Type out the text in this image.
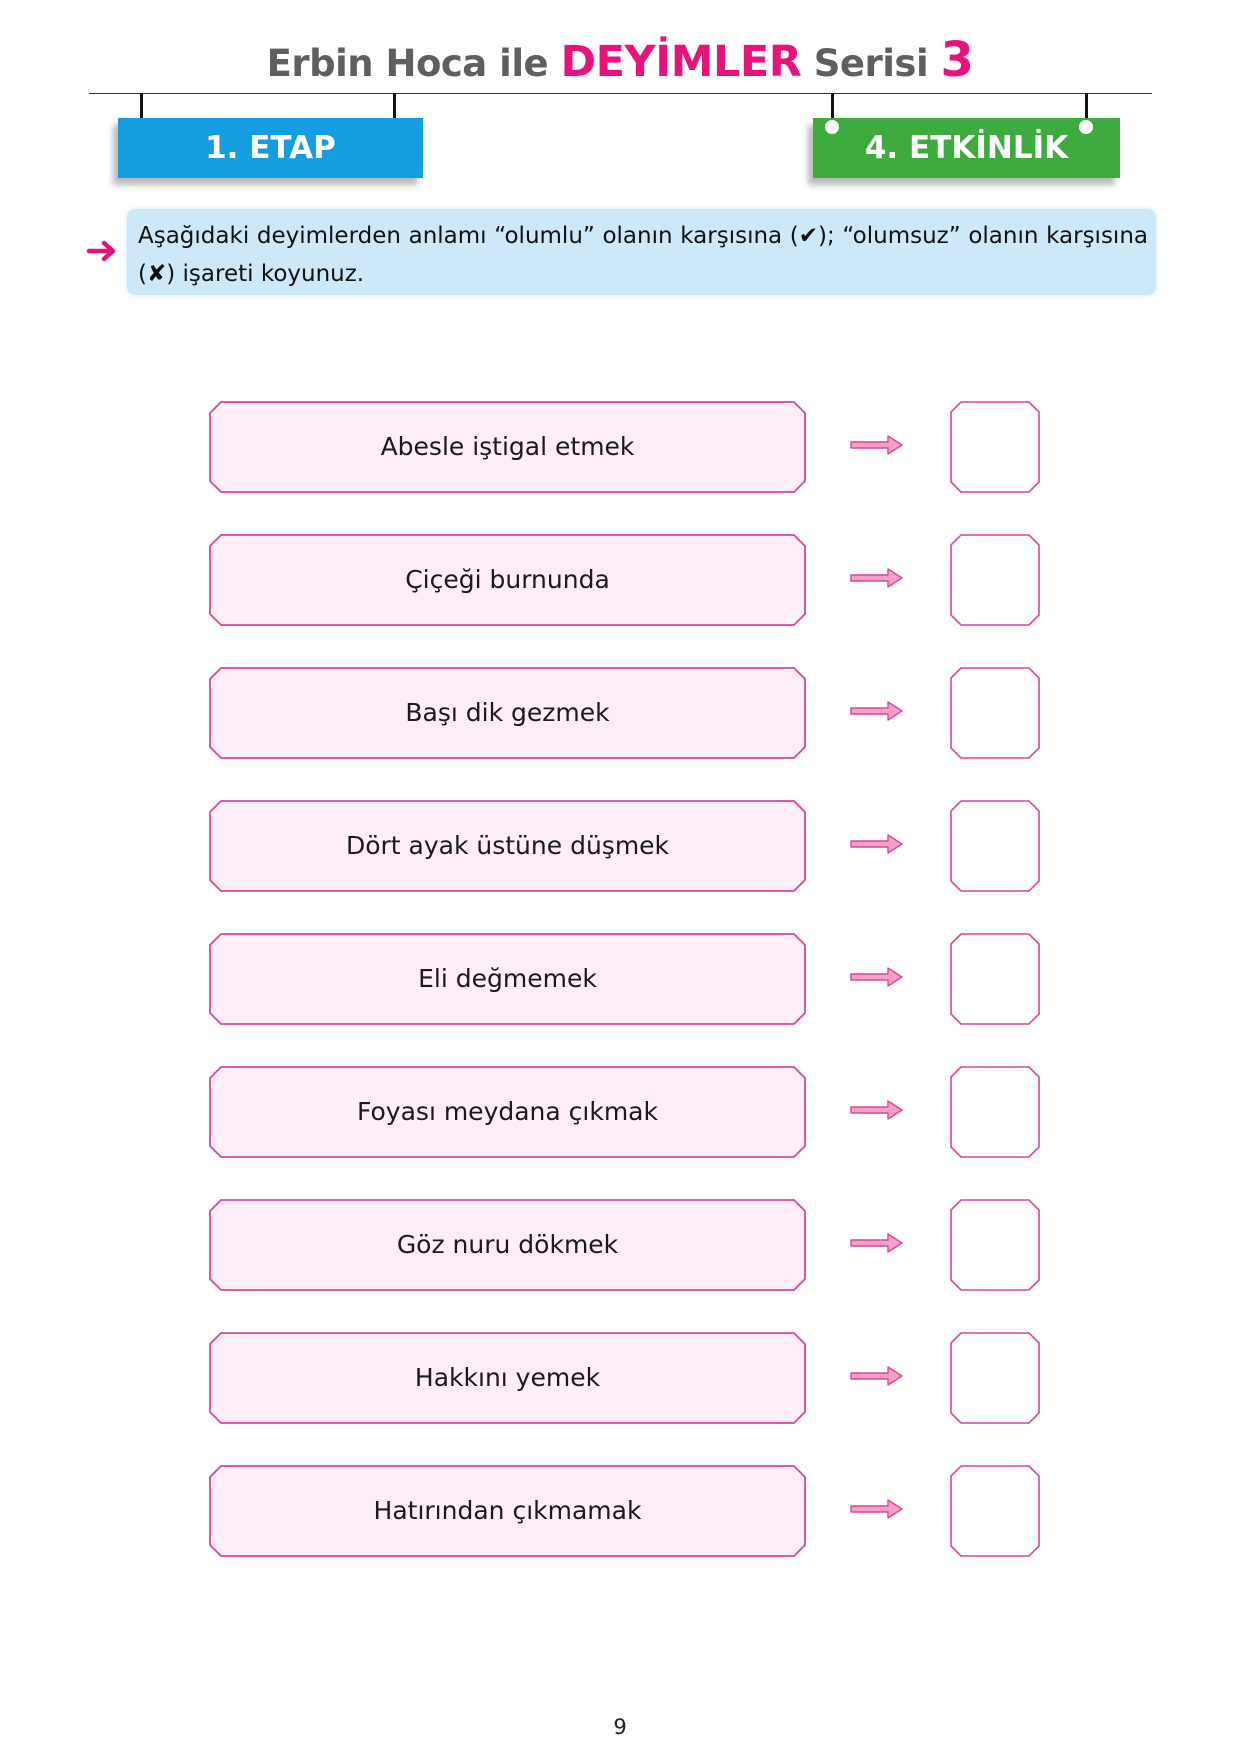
Erbin Hoca ile DEYİMLER Serisi 3
1. ETAP	4. ETKİNLİK
Aşağıdaki deyimlerden anlamı “olumlu” olanın karşısına (✔); “olumsuz” olanın karşısına (✘) işareti koyunuz.
Abesle iştigal etmek
Çiçeği burnunda
Başı dik gezmek
Dört ayak üstüne düşmek
Eli değmemek
Foyası meydana çıkmak
Göz nuru dökmek
Hakkını yemek
Hatırından çıkmamak
9
